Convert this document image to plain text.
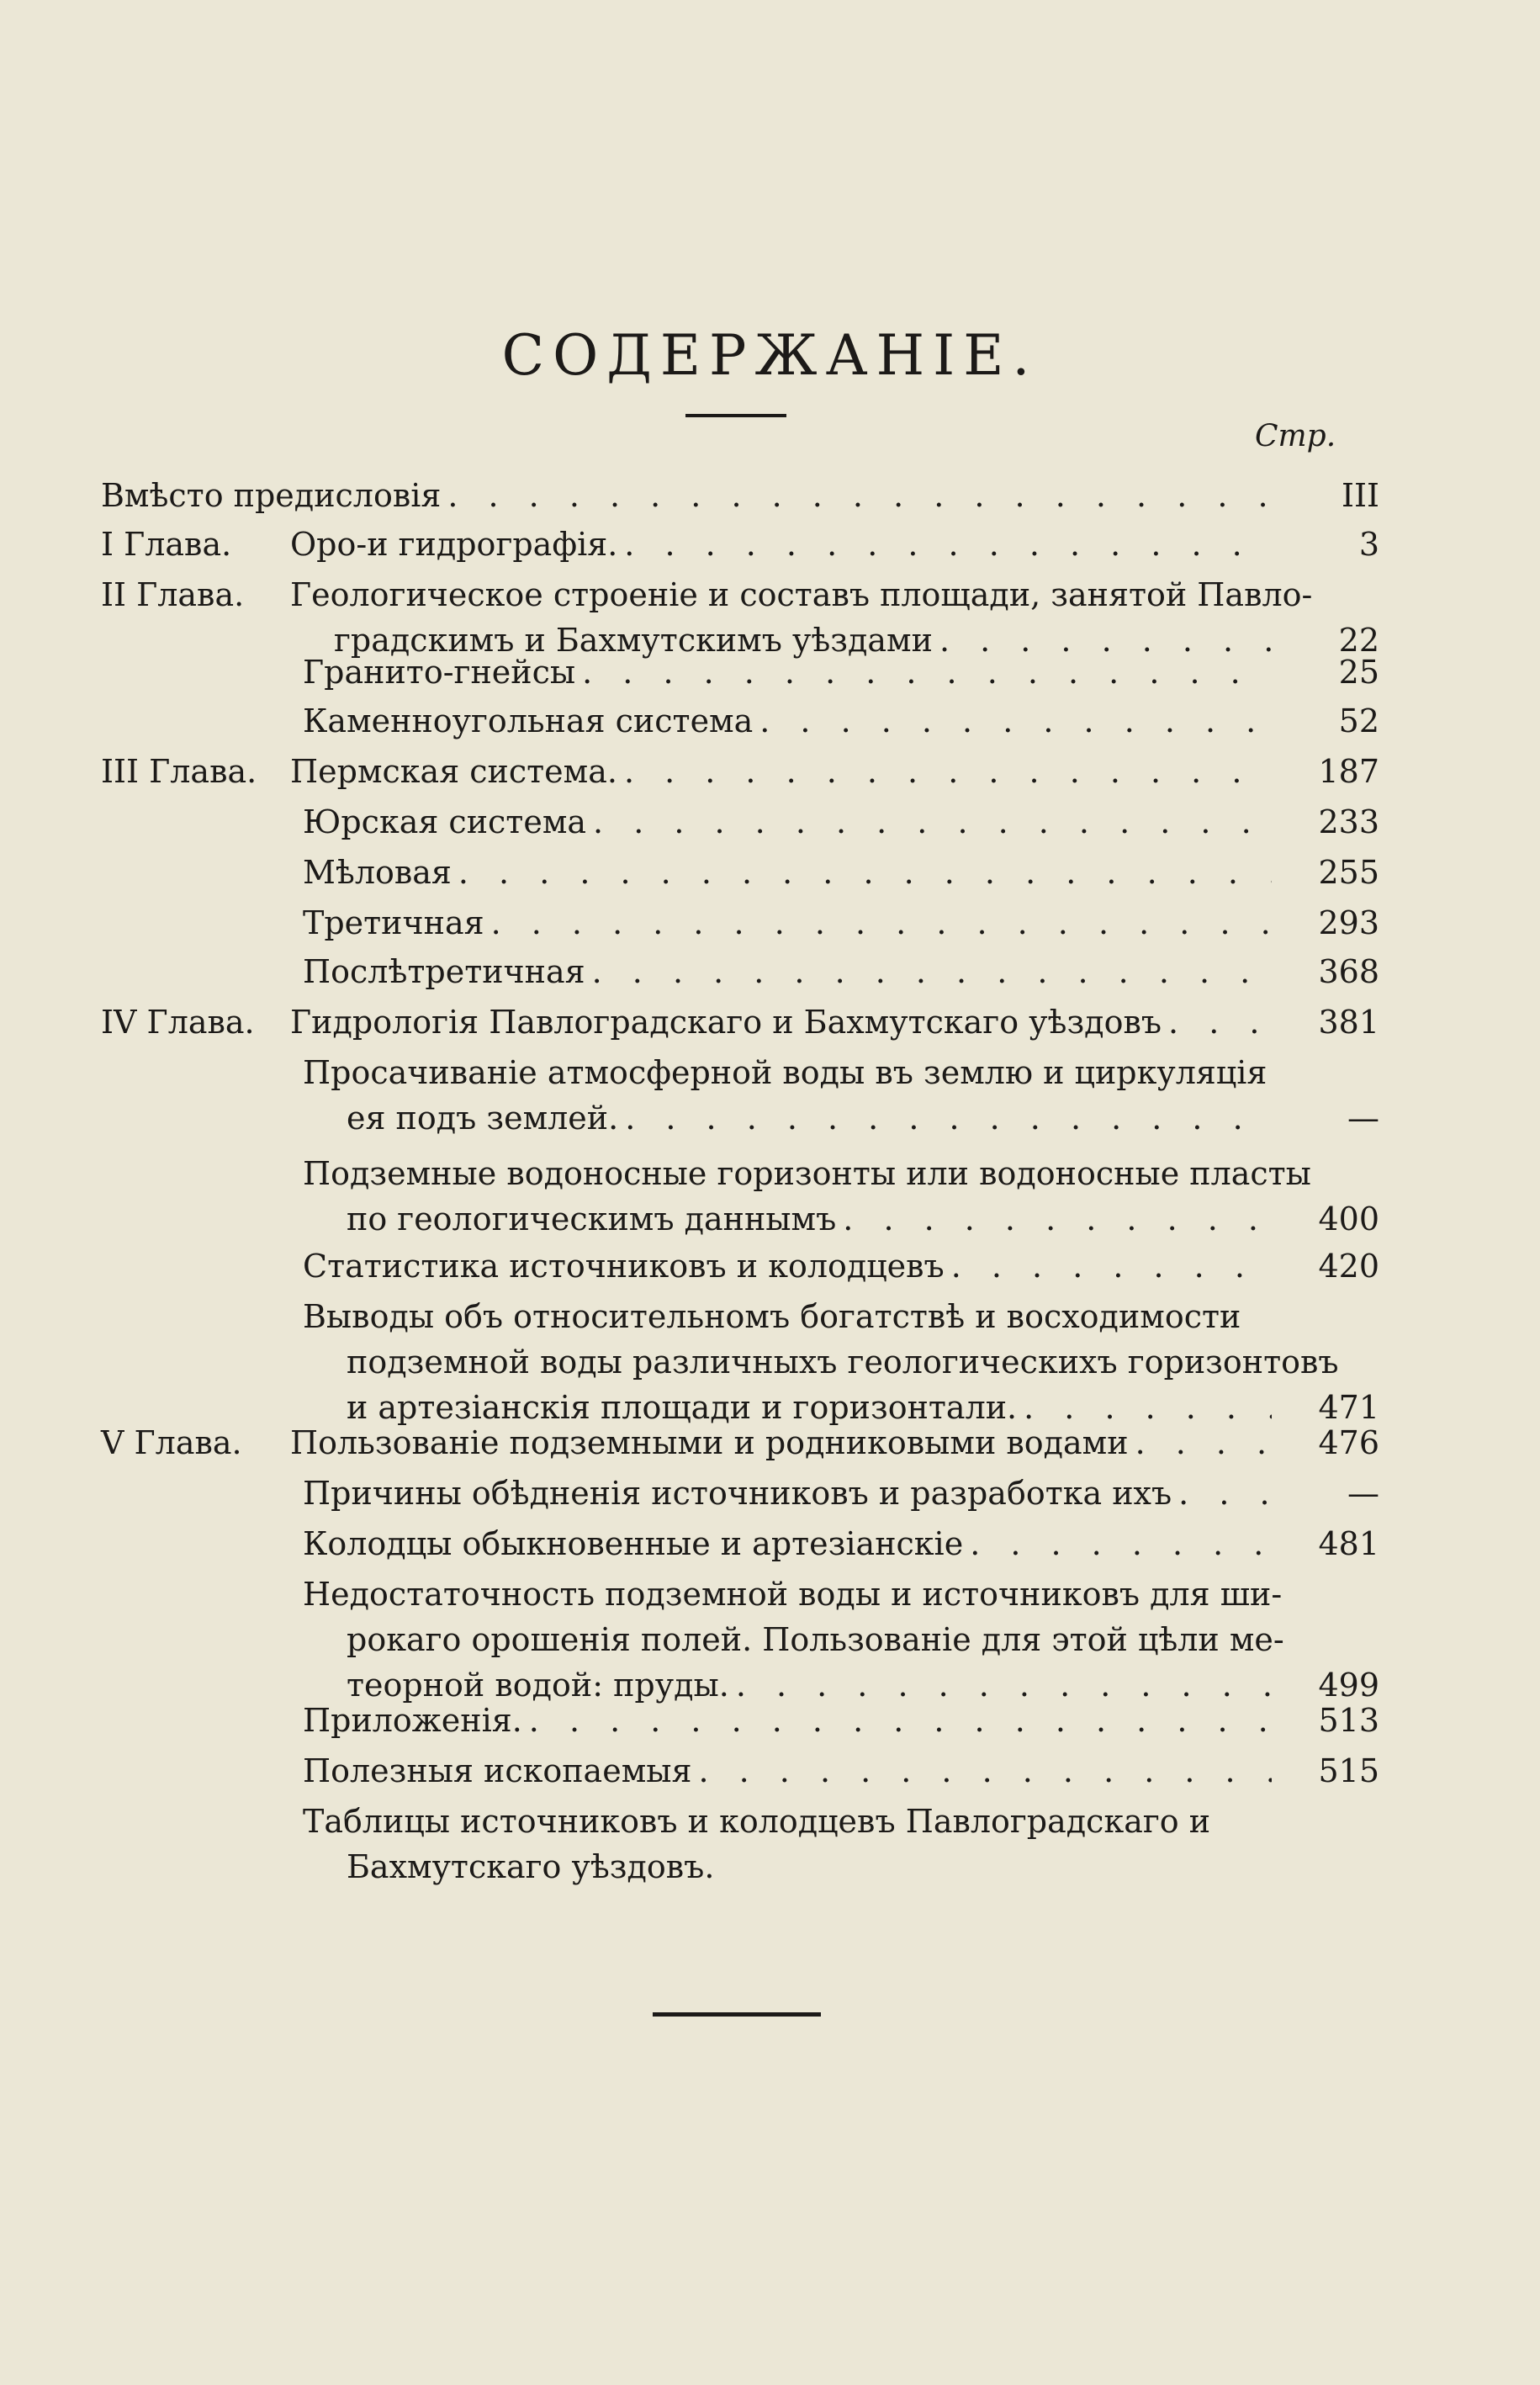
СОДЕРЖАНІЕ.
Стр.
Вмѣсто предисловія . . .	III
I Глава. Оро-и гидрографія. . . .	3
II Глава. Геологическое строеніе и составъ площади, занятой Павло-
градскимъ и Бахмутскимъ уѣздами . . .	22
Гранито-гнейсы . . .	25
Каменноугольная система . . .	52
III Глава. Пермская система. . . .	187
Юрская система . . .	233
Мѣловая . . .	255
Третичная . . .	293
Послѣтретичная . . .	368
IV Глава. Гидрологія Павлоградскаго и Бахмутскаго уѣздовъ . . .	381
Просачиваніе атмосферной воды въ землю и циркуляція
ея подъ землей. . . .	—
Подземные водоносные горизонты или водоносные пласты
по геологическимъ даннымъ . . .	400
Статистика источниковъ и колодцевъ . . .	420
Выводы объ относительномъ богатствѣ и восходимости
подземной воды различныхъ геологическихъ горизонтовъ
и артезіанскія площади и горизонтали. . . .	471
V Глава. Пользованіе подземными и родниковыми водами . . .	476
Причины обѣдненія источниковъ и разработка ихъ . . .	—
Колодцы обыкновенные и артезіанскіе . . .	481
Недостаточность подземной воды и источниковъ для ши-
рокаго орошенія полей. Пользованіе для этой цѣли ме-
теорной водой: пруды. . . .	499
Приложенія. . . .	513
Полезныя ископаемыя . . .	515
Таблицы источниковъ и колодцевъ Павлоградскаго и
Бахмутскаго уѣздовъ.
